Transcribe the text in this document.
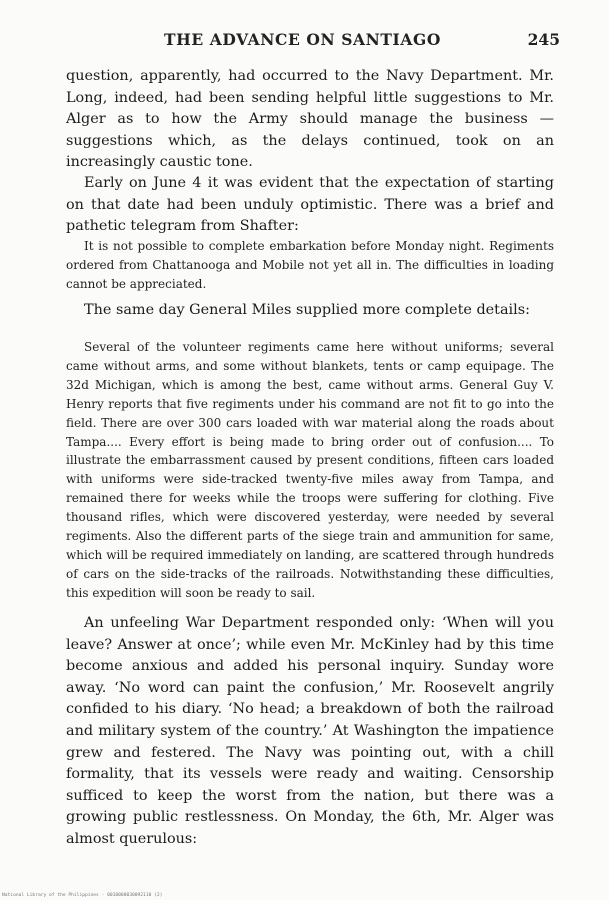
THE ADVANCE ON SANTIAGO	245

question, apparently, had occurred to the Navy Department. Mr. Long, indeed, had been sending helpful little suggestions to Mr. Alger as to how the Army should manage the business — suggestions which, as the delays continued, took on an increasingly caustic tone.

Early on June 4 it was evident that the expectation of starting on that date had been unduly optimistic. There was a brief and pathetic telegram from Shafter:

It is not possible to complete embarkation before Monday night. Regiments ordered from Chattanooga and Mobile not yet all in. The difficulties in loading cannot be appreciated.

The same day General Miles supplied more complete details:

Several of the volunteer regiments came here without uniforms; several came without arms, and some without blankets, tents or camp equipage. The 32d Michigan, which is among the best, came without arms. General Guy V. Henry reports that five regiments under his command are not fit to go into the field. There are over 300 cars loaded with war material along the roads about Tampa.... Every effort is being made to bring order out of confusion.... To illustrate the embarrassment caused by present conditions, fifteen cars loaded with uniforms were side-tracked twenty-five miles away from Tampa, and remained there for weeks while the troops were suffering for clothing. Five thousand rifles, which were discovered yesterday, were needed by several regiments. Also the different parts of the siege train and ammunition for same, which will be required immediately on landing, are scattered through hundreds of cars on the side-tracks of the railroads. Notwithstanding these difficulties, this expedition will soon be ready to sail.

An unfeeling War Department responded only: ‘When will you leave? Answer at once’; while even Mr. McKinley had by this time become anxious and added his personal inquiry. Sunday wore away. ‘No word can paint the confusion,’ Mr. Roosevelt angrily confided to his diary. ‘No head; a breakdown of both the railroad and military system of the country.’ At Washington the impatience grew and festered. The Navy was pointing out, with a chill formality, that its vessels were ready and waiting. Censorship sufficed to keep the worst from the nation, but there was a growing public restlessness. On Monday, the 6th, Mr. Alger was almost querulous:

National Library of the Philippines · 0010000030092110 (2)
